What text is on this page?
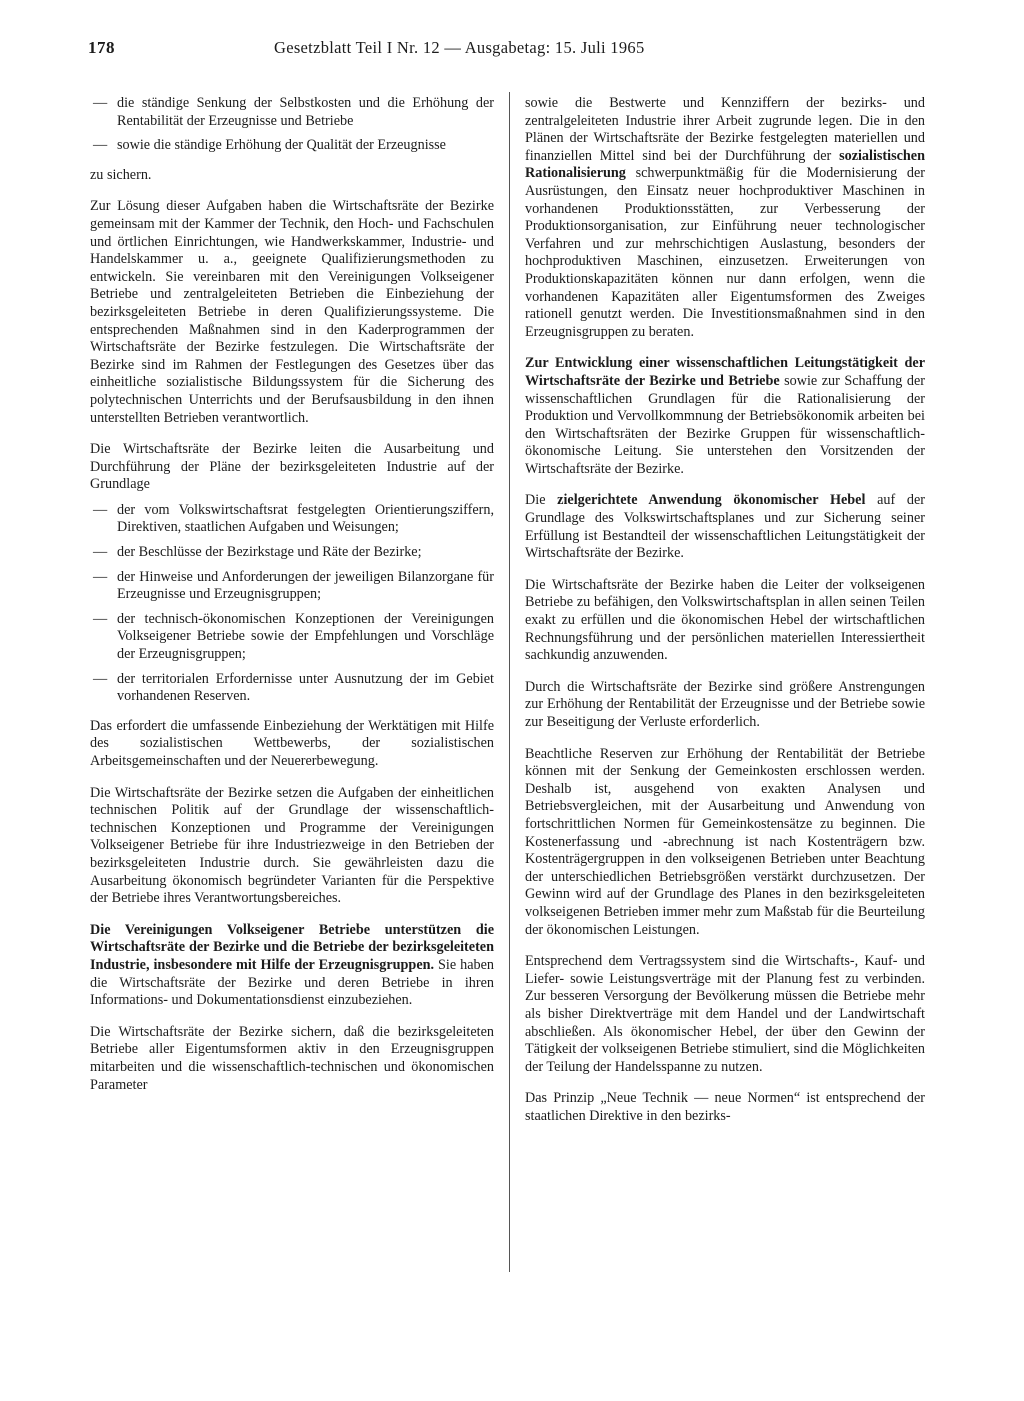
178	Gesetzblatt Teil I Nr. 12 — Ausgabetag: 15. Juli 1965
— die ständige Senkung der Selbstkosten und die Erhöhung der Rentabilität der Erzeugnisse und Betriebe
— sowie die ständige Erhöhung der Qualität der Erzeugnisse

zu sichern.

Zur Lösung dieser Aufgaben haben die Wirtschaftsräte der Bezirke gemeinsam mit der Kammer der Technik, den Hoch- und Fachschulen und örtlichen Einrichtungen, wie Handwerkskammer, Industrie- und Handelskammer u. a., geeignete Qualifizierungsmethoden zu entwickeln. Sie vereinbaren mit den Vereinigungen Volkseigener Betriebe und zentralgeleiteten Betrieben die Einbeziehung der bezirksgeleiteten Betriebe in deren Qualifizierungssysteme. Die entsprechenden Maßnahmen sind in den Kaderprogrammen der Wirtschaftsräte der Bezirke festzulegen. Die Wirtschaftsräte der Bezirke sind im Rahmen der Festlegungen des Gesetzes über das einheitliche sozialistische Bildungssystem für die Sicherung des polytechnischen Unterrichts und der Berufsausbildung in den ihnen unterstellten Betrieben verantwortlich.

Die Wirtschaftsräte der Bezirke leiten die Ausarbeitung und Durchführung der Pläne der bezirksgeleiteten Industrie auf der Grundlage

— der vom Volkswirtschaftsrat festgelegten Orientierungsziffern, Direktiven, staatlichen Aufgaben und Weisungen;
— der Beschlüsse der Bezirkstage und Räte der Bezirke;
— der Hinweise und Anforderungen der jeweiligen Bilanzorgane für Erzeugnisse und Erzeugnisgruppen;
— der technisch-ökonomischen Konzeptionen der Vereinigungen Volkseigener Betriebe sowie der Empfehlungen und Vorschläge der Erzeugnisgruppen;
— der territorialen Erfordernisse unter Ausnutzung der im Gebiet vorhandenen Reserven.

Das erfordert die umfassende Einbeziehung der Werktätigen mit Hilfe des sozialistischen Wettbewerbs, der sozialistischen Arbeitsgemeinschaften und der Neuererbewegung.

Die Wirtschaftsräte der Bezirke setzen die Aufgaben der einheitlichen technischen Politik auf der Grundlage der wissenschaftlich-technischen Konzeptionen und Programme der Vereinigungen Volkseigener Betriebe für ihre Industriezweige in den Betrieben der bezirksgeleiteten Industrie durch. Sie gewährleisten dazu die Ausarbeitung ökonomisch begründeter Varianten für die Perspektive der Betriebe ihres Verantwortungsbereiches.

Die Vereinigungen Volkseigener Betriebe unterstützen die Wirtschaftsräte der Bezirke und die Betriebe der bezirksgeleiteten Industrie, insbesondere mit Hilfe der Erzeugnisgruppen. Sie haben die Wirtschaftsräte der Bezirke und deren Betriebe in ihren Informations- und Dokumentationsdienst einzubeziehen.

Die Wirtschaftsräte der Bezirke sichern, daß die bezirksgeleiteten Betriebe aller Eigentumsformen aktiv in den Erzeugnisgruppen mitarbeiten und die wissenschaftlich-technischen und ökonomischen Parameter

sowie die Bestwerte und Kennziffern der bezirks- und zentralgeleiteten Industrie ihrer Arbeit zugrunde legen. Die in den Plänen der Wirtschaftsräte der Bezirke festgelegten materiellen und finanziellen Mittel sind bei der Durchführung der sozialistischen Rationalisierung schwerpunktmäßig für die Modernisierung der Ausrüstungen, den Einsatz neuer hochproduktiver Maschinen in vorhandenen Produktionsstätten, zur Verbesserung der Produktionsorganisation, zur Einführung neuer technologischer Verfahren und zur mehrschichtigen Auslastung, besonders der hochproduktiven Maschinen, einzusetzen. Erweiterungen von Produktionskapazitäten können nur dann erfolgen, wenn die vorhandenen Kapazitäten aller Eigentumsformen des Zweiges rationell genutzt werden. Die Investitionsmaßnahmen sind in den Erzeugnisgruppen zu beraten.

Zur Entwicklung einer wissenschaftlichen Leitungstätigkeit der Wirtschaftsräte der Bezirke und Betriebe sowie zur Schaffung der wissenschaftlichen Grundlagen für die Rationalisierung der Produktion und Vervollkommnung der Betriebsökonomik arbeiten bei den Wirtschaftsräten der Bezirke Gruppen für wissenschaftlich-ökonomische Leitung. Sie unterstehen den Vorsitzenden der Wirtschaftsräte der Bezirke.

Die zielgerichtete Anwendung ökonomischer Hebel auf der Grundlage des Volkswirtschaftsplanes und zur Sicherung seiner Erfüllung ist Bestandteil der wissenschaftlichen Leitungstätigkeit der Wirtschaftsräte der Bezirke.

Die Wirtschaftsräte der Bezirke haben die Leiter der volkseigenen Betriebe zu befähigen, den Volkswirtschaftsplan in allen seinen Teilen exakt zu erfüllen und die ökonomischen Hebel der wirtschaftlichen Rechnungsführung und der persönlichen materiellen Interessiertheit sachkundig anzuwenden.

Durch die Wirtschaftsräte der Bezirke sind größere Anstrengungen zur Erhöhung der Rentabilität der Erzeugnisse und der Betriebe sowie zur Beseitigung der Verluste erforderlich.

Beachtliche Reserven zur Erhöhung der Rentabilität der Betriebe können mit der Senkung der Gemeinkosten erschlossen werden. Deshalb ist, ausgehend von exakten Analysen und Betriebsvergleichen, mit der Ausarbeitung und Anwendung von fortschrittlichen Normen für Gemeinkostensätze zu beginnen. Die Kostenerfassung und -abrechnung ist nach Kostenträgern bzw. Kostenträgergruppen in den volkseigenen Betrieben unter Beachtung der unterschiedlichen Betriebsgrößen verstärkt durchzusetzen. Der Gewinn wird auf der Grundlage des Planes in den bezirksgeleiteten volkseigenen Betrieben immer mehr zum Maßstab für die Beurteilung der ökonomischen Leistungen.

Entsprechend dem Vertragssystem sind die Wirtschafts-, Kauf- und Liefer- sowie Leistungsverträge mit der Planung fest zu verbinden. Zur besseren Versorgung der Bevölkerung müssen die Betriebe mehr als bisher Direktverträge mit dem Handel und der Landwirtschaft abschließen. Als ökonomischer Hebel, der über den Gewinn der Tätigkeit der volkseigenen Betriebe stimuliert, sind die Möglichkeiten der Teilung der Handelsspanne zu nutzen.

Das Prinzip „Neue Technik — neue Normen“ ist entsprechend der staatlichen Direktive in den bezirks-
